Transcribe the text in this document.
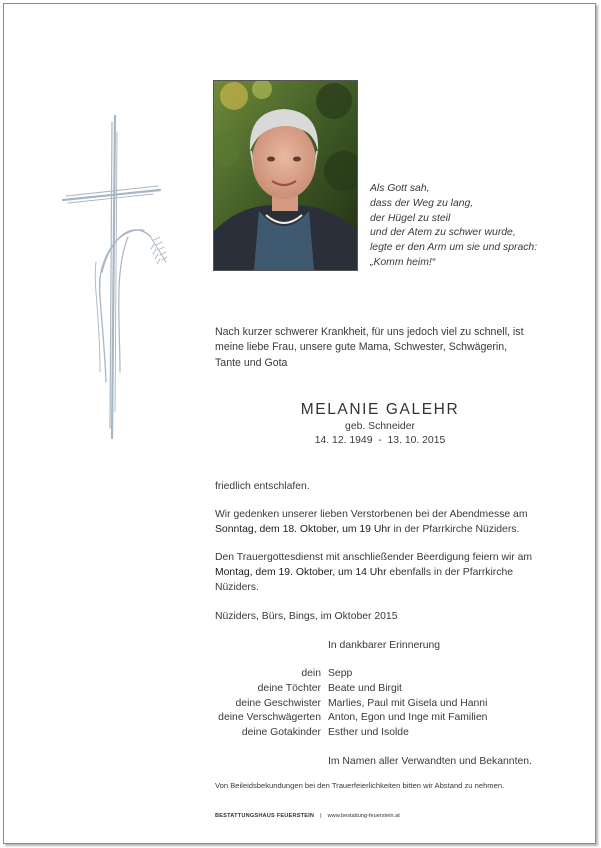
Als Gott sah,
dass der Weg zu lang,
der Hügel zu steil
und der Atem zu schwer wurde,
legte er den Arm um sie und sprach:
„Komm heim!“
Nach kurzer schwerer Krankheit, für uns jedoch viel zu schnell, ist
meine liebe Frau, unsere gute Mama, Schwester, Schwägerin,
Tante und Gota
MELANIE GALEHR
geb. Schneider
14. 12. 1949  -  13. 10. 2015
friedlich entschlafen.
Wir gedenken unserer lieben Verstorbenen bei der Abendmesse am
Sonntag, dem 18. Oktober, um 19 Uhr in der Pfarrkirche Nüziders.
Den Trauergottesdienst mit anschließender Beerdigung feiern wir am
Montag, dem 19. Oktober, um 14 Uhr ebenfalls in der Pfarrkirche
Nüziders.
Nüziders, Bürs, Bings, im Oktober 2015
In dankbarer Erinnerung
dein Sepp
deine Töchter Beate und Birgit
deine Geschwister Marlies, Paul mit Gisela und Hanni
deine Verschwägerten Anton, Egon und Inge mit Familien
deine Gotakinder Esther und Isolde
Im Namen aller Verwandten und Bekannten.
Von Beileidsbekundungen bei den Trauerfeierlichkeiten bitten wir Abstand zu nehmen.
BESTATTUNGSHAUS FEUERSTEIN | www.bestattung-feuerstein.at
